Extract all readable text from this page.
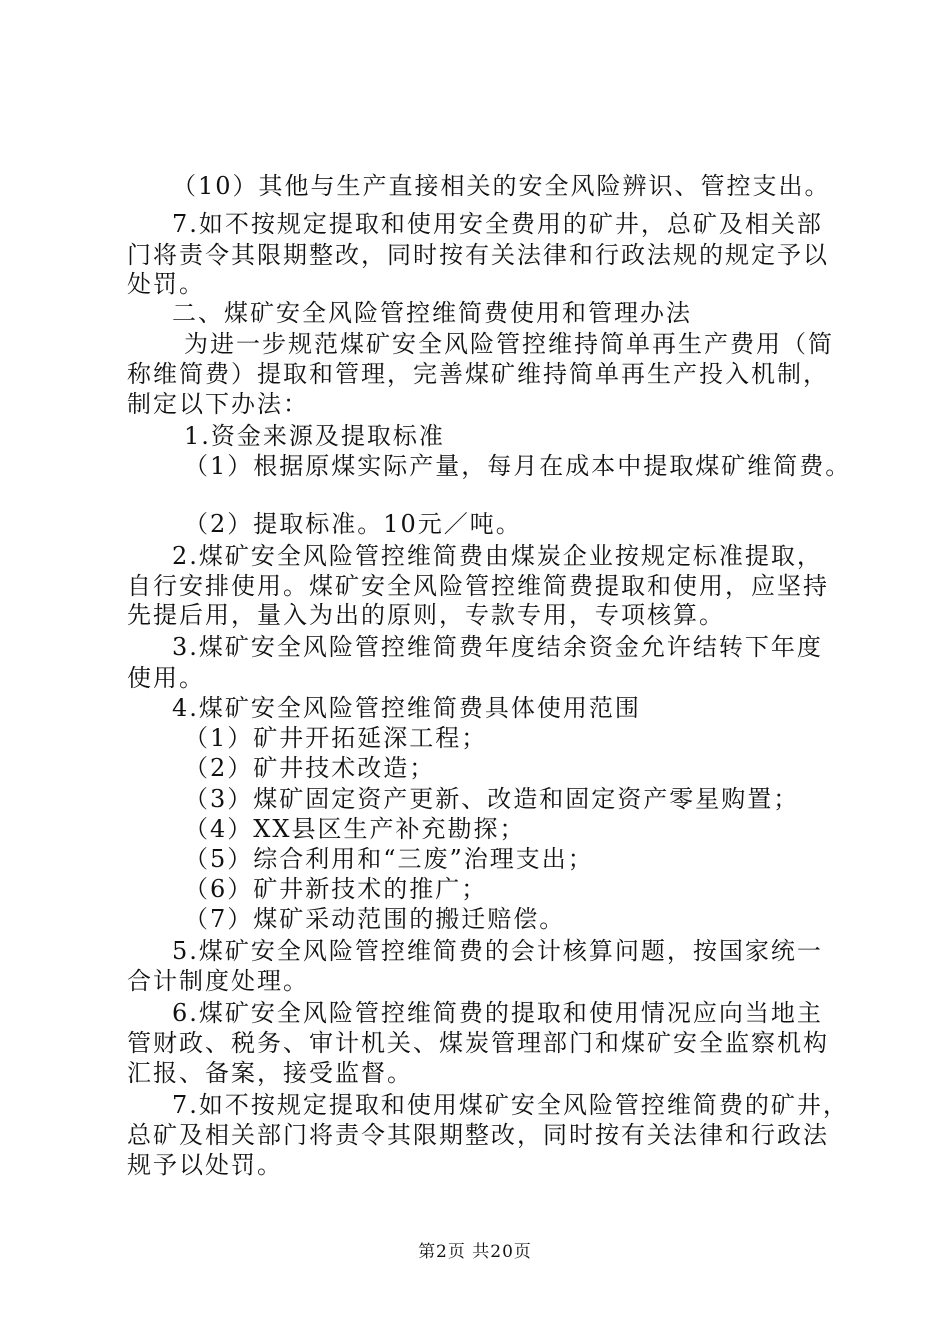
（10）其他与生产直接相关的安全风险辨识、管控支出。
7.如不按规定提取和使用安全费用的矿井，总矿及相关部
门将责令其限期整改，同时按有关法律和行政法规的规定予以
处罚。
二、煤矿安全风险管控维简费使用和管理办法
为进一步规范煤矿安全风险管控维持简单再生产费用（简
称维简费）提取和管理，完善煤矿维持简单再生产投入机制，
制定以下办法：
1.资金来源及提取标准
（1）根据原煤实际产量，每月在成本中提取煤矿维简费。
（2）提取标准。10元／吨。
2.煤矿安全风险管控维简费由煤炭企业按规定标准提取，
自行安排使用。煤矿安全风险管控维简费提取和使用，应坚持
先提后用，量入为出的原则，专款专用，专项核算。
3.煤矿安全风险管控维简费年度结余资金允许结转下年度
使用。
4.煤矿安全风险管控维简费具体使用范围
（1）矿井开拓延深工程；
（2）矿井技术改造；
（3）煤矿固定资产更新、改造和固定资产零星购置；
（4）XX县区生产补充勘探；
（5）综合利用和“三废”治理支出；
（6）矿井新技术的推广；
（7）煤矿采动范围的搬迁赔偿。
5.煤矿安全风险管控维简费的会计核算问题，按国家统一
合计制度处理。
6.煤矿安全风险管控维简费的提取和使用情况应向当地主
管财政、税务、审计机关、煤炭管理部门和煤矿安全监察机构
汇报、备案，接受监督。
7.如不按规定提取和使用煤矿安全风险管控维简费的矿井，
总矿及相关部门将责令其限期整改，同时按有关法律和行政法
规予以处罚。
第2页 共20页
